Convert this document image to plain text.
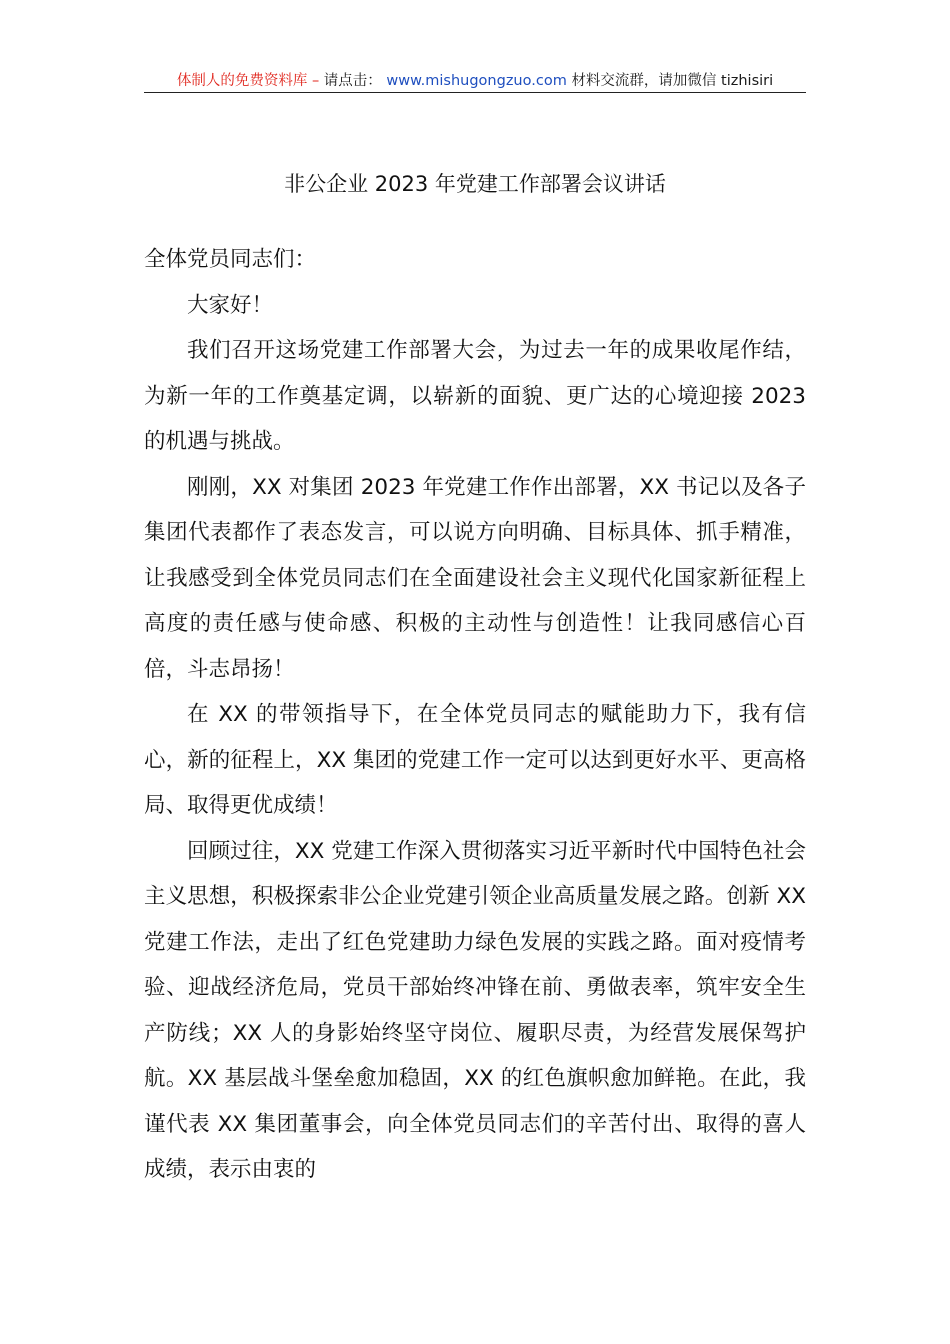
体制人的免费资料库 – 请点击： www.mishugongzuo.com 材料交流群，请加微信 tizhisiri
非公企业 2023 年党建工作部署会议讲话

全体党员同志们：

大家好！

我们召开这场党建工作部署大会，为过去一年的成果收尾作结，为新一年的工作奠基定调，以崭新的面貌、更广达的心境迎接 2023 的机遇与挑战。

刚刚，XX 对集团 2023 年党建工作作出部署，XX 书记以及各子集团代表都作了表态发言，可以说方向明确、目标具体、抓手精准，让我感受到全体党员同志们在全面建设社会主义现代化国家新征程上高度的责任感与使命感、积极的主动性与创造性！让我同感信心百倍，斗志昂扬！

在 XX 的带领指导下，在全体党员同志的赋能助力下，我有信心，新的征程上，XX 集团的党建工作一定可以达到更好水平、更高格局、取得更优成绩！

回顾过往，XX 党建工作深入贯彻落实习近平新时代中国特色社会主义思想，积极探索非公企业党建引领企业高质量发展之路。创新 XX 党建工作法，走出了红色党建助力绿色发展的实践之路。面对疫情考验、迎战经济危局，党员干部始终冲锋在前、勇做表率，筑牢安全生产防线；XX 人的身影始终坚守岗位、履职尽责，为经营发展保驾护航。XX 基层战斗堡垒愈加稳固，XX 的红色旗帜愈加鲜艳。在此，我谨代表 XX 集团董事会，向全体党员同志们的辛苦付出、取得的喜人成绩，表示由衷的
